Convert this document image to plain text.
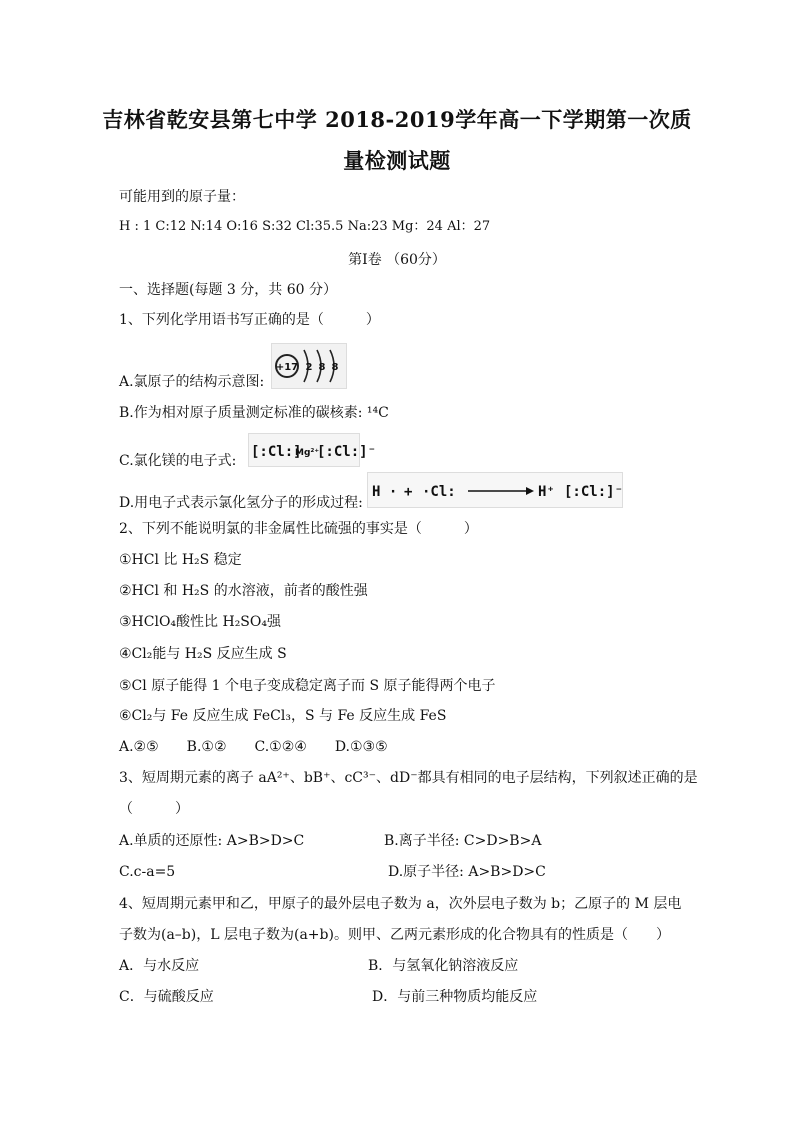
吉林省乾安县第七中学 2018-2019学年高一下学期第一次质
量检测试题
可能用到的原子量：
H : 1 C:12 N:14 O:16 S:32 Cl:35.5 Na:23 Mg：24 Al：27
第Ⅰ卷 （60分）
一、选择题(每题 3 分，共 60 分）
1、下列化学用语书写正确的是（　　　）
A.氯原子的结构示意图:
+17 2 8 8
B.作为相对原子质量测定标准的碳核素: ¹⁴C
C.氯化镁的电子式:
[:Cl:]
Mg²⁺
[:Cl:]⁻
D.用电子式表示氯化氢分子的形成过程:
H · + ·Cl:	H⁺ [:Cl:]⁻
2、下列不能说明氯的非金属性比硫强的事实是（　　　）
①HCl 比 H₂S 稳定
②HCl 和 H₂S 的水溶液，前者的酸性强
③HClO₄酸性比 H₂SO₄强
④Cl₂能与 H₂S 反应生成 S
⑤Cl 原子能得 1 个电子变成稳定离子而 S 原子能得两个电子
⑥Cl₂与 Fe 反应生成 FeCl₃，S 与 Fe 反应生成 FeS
A.②⑤　　B.①②　　C.①②④　　D.①③⑤
3、短周期元素的离子 aA²⁺、bB⁺、cC³⁻、dD⁻都具有相同的电子层结构，下列叙述正确的是
（　　　）
A.单质的还原性: A>B>D>C	B.离子半径: C>D>B>A
C.c-a=5	D.原子半径: A>B>D>C
4、短周期元素甲和乙，甲原子的最外层电子数为 a，次外层电子数为 b；乙原子的 M 层电
子数为(a–b)，L 层电子数为(a+b)。则甲、乙两元素形成的化合物具有的性质是（　　）
A．与水反应	B．与氢氧化钠溶液反应
C．与硫酸反应	D．与前三种物质均能反应
